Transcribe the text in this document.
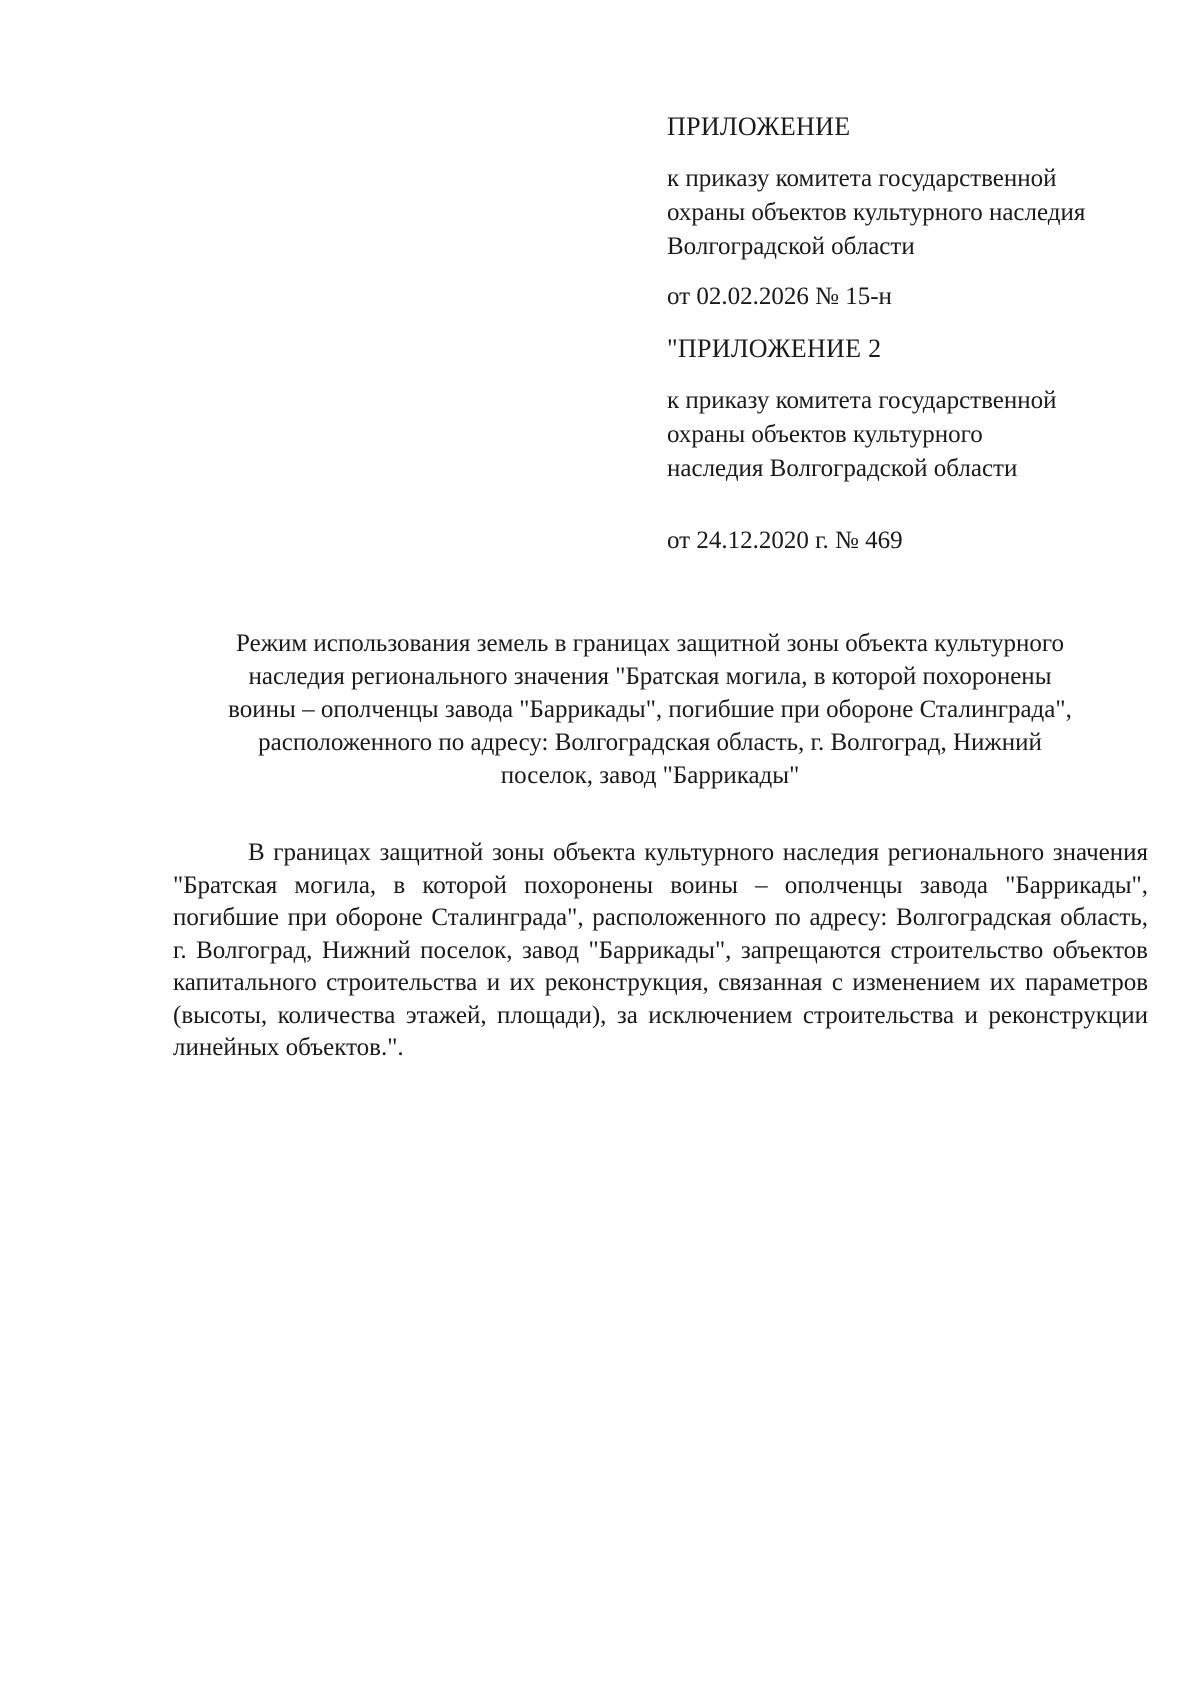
ПРИЛОЖЕНИЕ
к приказу комитета государственной
охраны объектов культурного наследия
Волгоградской области
от 02.02.2026 № 15-н
"ПРИЛОЖЕНИЕ 2
к приказу комитета государственной
охраны объектов культурного
наследия Волгоградской области
от 24.12.2020 г. № 469
Режим использования земель в границах защитной зоны объекта культурного
наследия регионального значения "Братская могила, в которой похоронены
воины – ополченцы завода "Баррикады", погибшие при обороне Сталинграда",
расположенного по адресу: Волгоградская область, г. Волгоград, Нижний
поселок, завод "Баррикады"

В границах защитной зоны объекта культурного наследия регионального значения "Братская могила, в которой похоронены воины – ополченцы завода "Баррикады", погибшие при обороне Сталинграда", расположенного по адресу: Волгоградская область, г. Волгоград, Нижний поселок, завод "Баррикады", запрещаются строительство объектов капитального строительства и их реконструкция, связанная с изменением их параметров (высоты, количества этажей, площади), за исключением строительства и реконструкции линейных объектов.".
